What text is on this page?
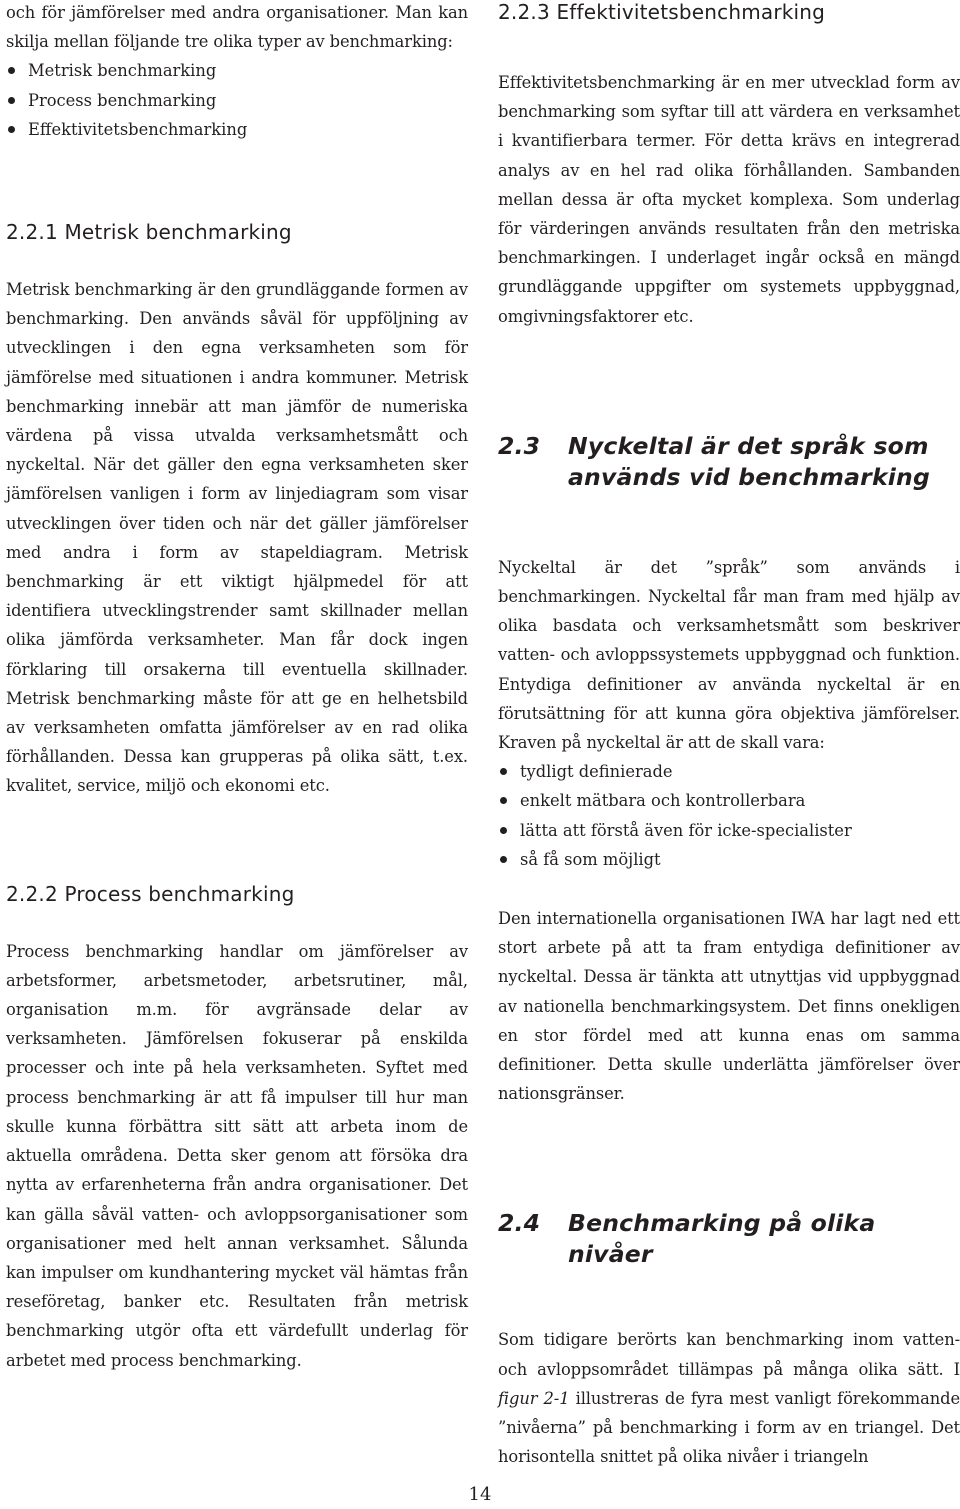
och för jämförelser med andra organisationer. Man kan skilja mellan följande tre olika typer av benchmarking:

Metrisk benchmarking
Process benchmarking
Effektivitetsbenchmarking
2.2.1 Metrisk benchmarking

Metrisk benchmarking är den grundläggande formen av benchmarking. Den används såväl för uppföljning av utvecklingen i den egna verksamheten som för jämförelse med situationen i andra kommuner. Metrisk benchmarking innebär att man jämför de numeriska värdena på vissa utvalda verksamhetsmått och nyckeltal. När det gäller den egna verksamheten sker jämförelsen vanligen i form av linjediagram som visar utvecklingen över tiden och när det gäller jämförelser med andra i form av stapeldiagram. Metrisk benchmarking är ett viktigt hjälpmedel för att identifiera utvecklingstrender samt skillnader mellan olika jämförda verksamheter. Man får dock ingen förklaring till orsakerna till eventuella skillnader. Metrisk benchmarking måste för att ge en helhetsbild av verksamheten omfatta jämförelser av en rad olika förhållanden. Dessa kan grupperas på olika sätt, t.ex. kvalitet, service, miljö och ekonomi etc.

2.2.2 Process benchmarking

Process benchmarking handlar om jämförelser av arbetsformer, arbetsmetoder, arbetsrutiner, mål, organisation m.m. för avgränsade delar av verksamheten. Jämförelsen fokuserar på enskilda processer och inte på hela verksamheten. Syftet med process benchmarking är att få impulser till hur man skulle kunna förbättra sitt sätt att arbeta inom de aktuella områdena. Detta sker genom att försöka dra nytta av erfarenheterna från andra organisationer. Det kan gälla såväl vatten- och avloppsorganisationer som organisationer med helt annan verksamhet. Sålunda kan impulser om kundhantering mycket väl hämtas från reseföretag, banker etc. Resultaten från metrisk benchmarking utgör ofta ett värdefullt underlag för arbetet med process benchmarking.

2.2.3 Effektivitetsbenchmarking

Effektivitetsbenchmarking är en mer utvecklad form av benchmarking som syftar till att värdera en verksamhet i kvantifierbara termer. För detta krävs en integrerad analys av en hel rad olika förhållanden. Sambanden mellan dessa är ofta mycket komplexa. Som underlag för värderingen används resultaten från den metriska benchmarkingen. I underlaget ingår också en mängd grundläggande uppgifter om systemets uppbyggnad, omgivningsfaktorer etc.

2.3	Nyckeltal är det språk som används vid benchmarking

Nyckeltal är det ”språk” som används i benchmarkingen. Nyckeltal får man fram med hjälp av olika basdata och verksamhetsmått som beskriver vatten- och avloppssystemets uppbyggnad och funktion. Entydiga definitioner av använda nyckeltal är en förutsättning för att kunna göra objektiva jämförelser. Kraven på nyckeltal är att de skall vara:

tydligt definierade
enkelt mätbara och kontrollerbara
lätta att förstå även för icke-specialister
så få som möjligt

Den internationella organisationen IWA har lagt ned ett stort arbete på att ta fram entydiga definitioner av nyckeltal. Dessa är tänkta att utnyttjas vid uppbyggnad av nationella benchmarkingsystem. Det finns onekligen en stor fördel med att kunna enas om samma definitioner. Detta skulle underlätta jämförelser över nationsgränser.

2.4	Benchmarking på olika nivåer

Som tidigare berörts kan benchmarking inom vatten- och avloppsområdet tillämpas på många olika sätt. I figur 2-1 illustreras de fyra mest vanligt förekommande ”nivåerna” på benchmarking i form av en triangel. Det horisontella snittet på olika nivåer i triangeln

14
